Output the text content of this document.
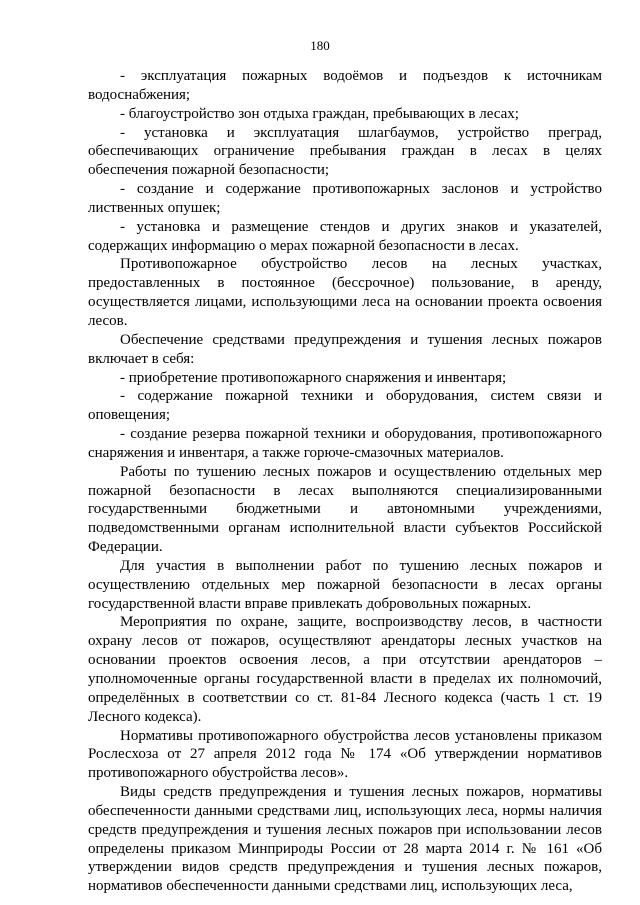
180

- эксплуатация пожарных водоёмов и подъездов к источникам водоснабжения;

- благоустройство зон отдыха граждан, пребывающих в лесах;

- установка и эксплуатация шлагбаумов, устройство преград, обеспечивающих ограничение пребывания граждан в лесах в целях обеспечения пожарной безопасности;

- создание и содержание противопожарных заслонов и устройство лиственных опушек;

- установка и размещение стендов и других знаков и указателей, содержащих информацию о мерах пожарной безопасности в лесах.

Противопожарное обустройство лесов на лесных участках, предоставленных в постоянное (бессрочное) пользование, в аренду, осуществляется лицами, использующими леса на основании проекта освоения лесов.

Обеспечение средствами предупреждения и тушения лесных пожаров включает в себя:

- приобретение противопожарного снаряжения и инвентаря;

- содержание пожарной техники и оборудования, систем связи и оповещения;

- создание резерва пожарной техники и оборудования, противопожарного снаряжения и инвентаря, а также горюче-смазочных материалов.

Работы по тушению лесных пожаров и осуществлению отдельных мер пожарной безопасности в лесах выполняются специализированными государственными бюджетными и автономными учреждениями, подведомственными органам исполнительной власти субъектов Российской Федерации.

Для участия в выполнении работ по тушению лесных пожаров и осуществлению отдельных мер пожарной безопасности в лесах органы государственной власти вправе привлекать добровольных пожарных.

Мероприятия по охране, защите, воспроизводству лесов, в частности охрану лесов от пожаров, осуществляют арендаторы лесных участков на основании проектов освоения лесов, а при отсутствии арендаторов – уполномоченные органы государственной власти в пределах их полномочий, определённых в соответствии со ст. 81-84 Лесного кодекса (часть 1 ст. 19 Лесного кодекса).

Нормативы противопожарного обустройства лесов установлены приказом Рослесхоза от 27 апреля 2012 года № 174 «Об утверждении нормативов противопожарного обустройства лесов».

Виды средств предупреждения и тушения лесных пожаров, нормативы обеспеченности данными средствами лиц, использующих леса, нормы наличия средств предупреждения и тушения лесных пожаров при использовании лесов определены приказом Минприроды России от 28 марта 2014 г. № 161 «Об утверждении видов средств предупреждения и тушения лесных пожаров, нормативов обеспеченности данными средствами лиц, использующих леса,
